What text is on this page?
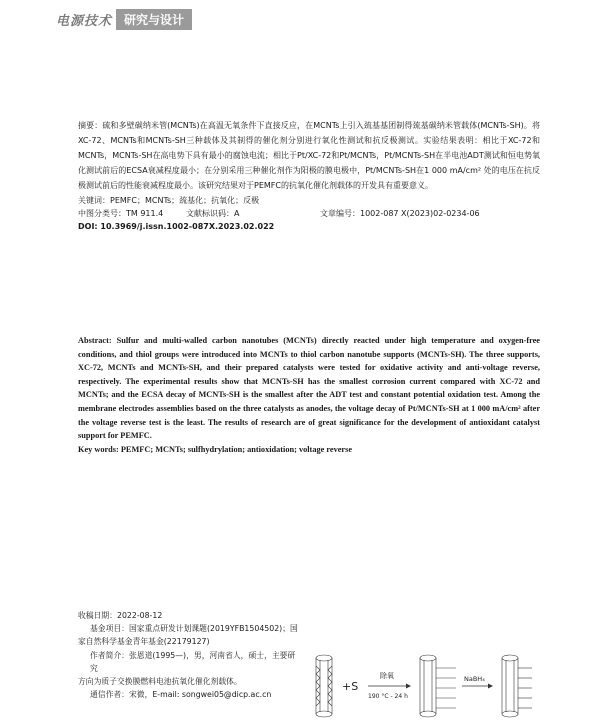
电源技术	研究与设计

摘要：硫和多壁碳纳米管(MCNTs)在高温无氧条件下直接反应，在MCNTs上引入巯基基团制得巯基碳纳米管载体(MCNTs-SH)。将XC-72、MCNTs和MCNTs-SH三种载体及其制得的催化剂分别进行氧化性测试和抗反极测试。实验结果表明：相比于XC-72和MCNTs，MCNTs-SH在高电势下具有最小的腐蚀电流；相比于Pt/XC-72和Pt/MCNTs，Pt/MCNTs-SH在半电池ADT测试和恒电势氧化测试前后的ECSA衰减程度最小；在分别采用三种催化剂作为阳极的膜电极中，Pt/MCNTs-SH在1 000 mA/cm² 处的电压在抗反极测试前后的性能衰减程度最小。该研究结果对于PEMFC的抗氧化催化剂载体的开发具有重要意义。

关键词：PEMFC；MCNTs；巯基化；抗氧化；反极

中图分类号：TM 911.4	文献标识码：A	文章编号：1002-087 X(2023)02-0234-06
DOI: 10.3969/j.issn.1002-087X.2023.02.022

Abstract: Sulfur and multi-walled carbon nanotubes (MCNTs) directly reacted under high temperature and oxygen-free conditions, and thiol groups were introduced into MCNTs to thiol carbon nanotube supports (MCNTs-SH). The three supports, XC-72, MCNTs and MCNTs-SH, and their prepared catalysts were tested for oxidative activity and anti-voltage reverse, respectively. The experimental results show that MCNTs-SH has the smallest corrosion current compared with XC-72 and MCNTs; and the ECSA decay of MCNTs-SH is the smallest after the ADT test and constant potential oxidation test. Among the membrane electrodes assemblies based on the three catalysts as anodes, the voltage decay of Pt/MCNTs-SH at 1 000 mA/cm² after the voltage reverse test is the least. The results of research are of great significance for the development of antioxidant catalyst support for PEMFC.

Key words: PEMFC; MCNTs; sulfhydrylation; antioxidation; voltage reverse

收稿日期：2022-08-12

基金项目：国家重点研发计划课题(2019YFB1504502)；国

家自然科学基金青年基金(22179127)

作者简介：张恩道(1995—)，男，河南省人，硕士，主要研究

方向为质子交换膜燃料电池抗氧化催化剂载体。

通信作者：宋微，E-mail: songwei05@dicp.ac.cn

+S
除氧
190 °C - 24 h
NaBH₄
